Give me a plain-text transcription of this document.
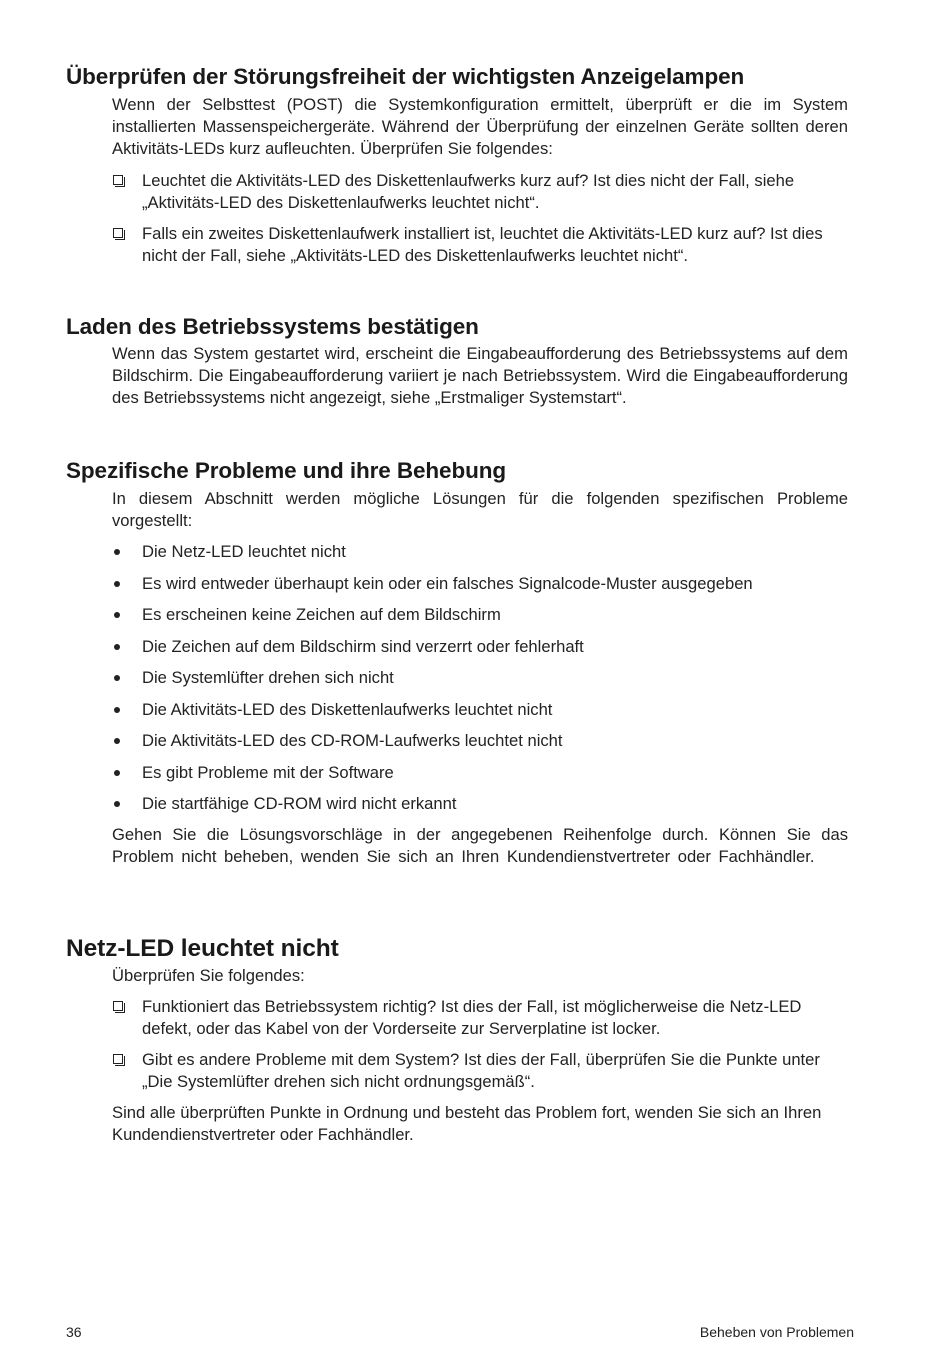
Überprüfen der Störungsfreiheit der wichtigsten Anzeigelampen

Wenn der Selbsttest (POST) die Systemkonfiguration ermittelt, überprüft er die im System installierten Massenspeichergeräte. Während der Überprüfung der einzelnen Geräte sollten deren Aktivitäts-LEDs kurz aufleuchten. Überprüfen Sie folgendes:

Leuchtet die Aktivitäts-LED des Diskettenlaufwerks kurz auf? Ist dies nicht der Fall, siehe „Aktivitäts-LED des Diskettenlaufwerks leuchtet nicht“.
Falls ein zweites Diskettenlaufwerk installiert ist, leuchtet die Aktivitäts-LED kurz auf? Ist dies nicht der Fall, siehe „Aktivitäts-LED des Diskettenlaufwerks leuchtet nicht“.
Laden des Betriebssystems bestätigen

Wenn das System gestartet wird, erscheint die Eingabeaufforderung des Betriebssystems auf dem Bildschirm. Die Eingabeaufforderung variiert je nach Betriebssystem. Wird die Eingabeaufforderung des Betriebssystems nicht angezeigt, siehe „Erstmaliger Systemstart“.

Spezifische Probleme und ihre Behebung

In diesem Abschnitt werden mögliche Lösungen für die folgenden spezifischen Probleme vorgestellt:

Die Netz-LED leuchtet nicht
Es wird entweder überhaupt kein oder ein falsches Signalcode-Muster ausgegeben
Es erscheinen keine Zeichen auf dem Bildschirm
Die Zeichen auf dem Bildschirm sind verzerrt oder fehlerhaft
Die Systemlüfter drehen sich nicht
Die Aktivitäts-LED des Diskettenlaufwerks leuchtet nicht
Die Aktivitäts-LED des CD-ROM-Laufwerks leuchtet nicht
Es gibt Probleme mit der Software
Die startfähige CD-ROM wird nicht erkannt

Gehen Sie die Lösungsvorschläge in der angegebenen Reihenfolge durch. Können Sie das Problem nicht beheben, wenden Sie sich an Ihren Kundendienstvertreter oder Fachhändler.

Netz-LED leuchtet nicht

Überprüfen Sie folgendes:

Funktioniert das Betriebssystem richtig? Ist dies der Fall, ist möglicherweise die Netz-LED defekt, oder das Kabel von der Vorderseite zur Serverplatine ist locker.
Gibt es andere Probleme mit dem System? Ist dies der Fall, überprüfen Sie die Punkte unter „Die Systemlüfter drehen sich nicht ordnungsgemäß“.

Sind alle überprüften Punkte in Ordnung und besteht das Problem fort, wenden Sie sich an Ihren Kundendienstvertreter oder Fachhändler.

36	Beheben von Problemen
